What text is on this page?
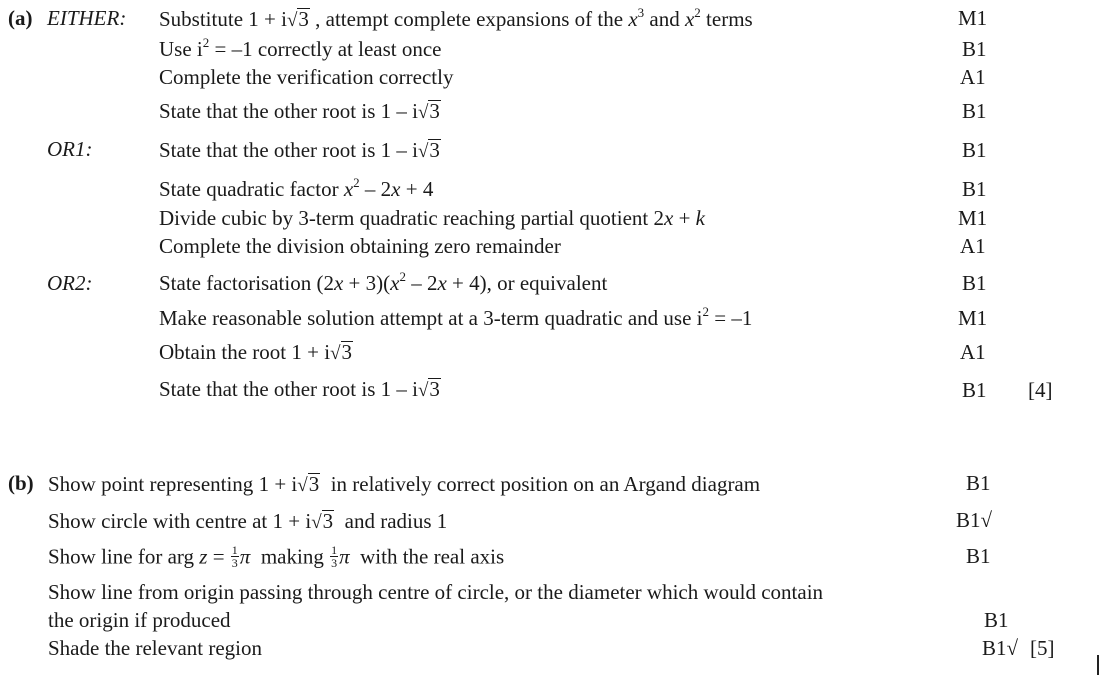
(a) EITHER: Substitute 1 + i√3 , attempt complete expansions of the $x^3$ and $x^2$ terms	M1
Use $i^2 = -1$ correctly at least once	B1
Complete the verification correctly	A1
State that the other root is 1 – i√3	B1
OR1:	State that the other root is 1 – i√3	B1
State quadratic factor $x^2 - 2x + 4$	B1
Divide cubic by 3-term quadratic reaching partial quotient 2x + k	M1
Complete the division obtaining zero remainder	A1
OR2:	State factorisation $(2x + 3)(x^2 - 2x + 4)$, or equivalent	B1
Make reasonable solution attempt at a 3-term quadratic and use $i^2 = -1$	M1
Obtain the root 1 + i√3	A1
State that the other root is 1 – i√3	B1 [4]
(b) Show point representing 1 + i√3  in relatively correct position on an Argand diagram	B1
Show circle with centre at 1 + i√3  and radius 1	B1√
Show line for arg $z = \frac{1}{3}$ π  making $\frac{1}{3}$ π  with the real axis	B1
Show line from origin passing through centre of circle, or the diameter which would contain
the origin if produced	B1
Shade the relevant region	B1√ [5]
